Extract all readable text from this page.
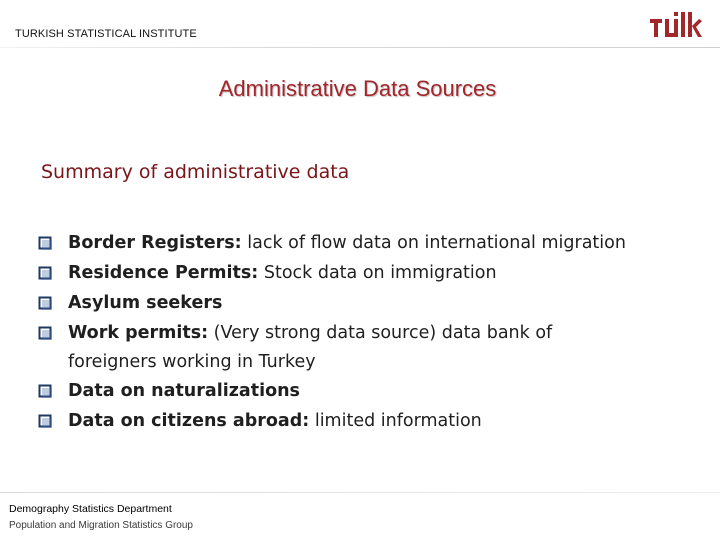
TURKISH STATISTICAL INSTITUTE
Administrative Data Sources
Summary of administrative data
Border Registers: lack of flow data on international migration
Residence Permits: Stock data on immigration
Asylum seekers
Work permits: (Very strong data source) data bank of
foreigners working in Turkey
Data on naturalizations
Data on citizens abroad: limited information
Demography Statistics Department
Population and Migration Statistics Group
